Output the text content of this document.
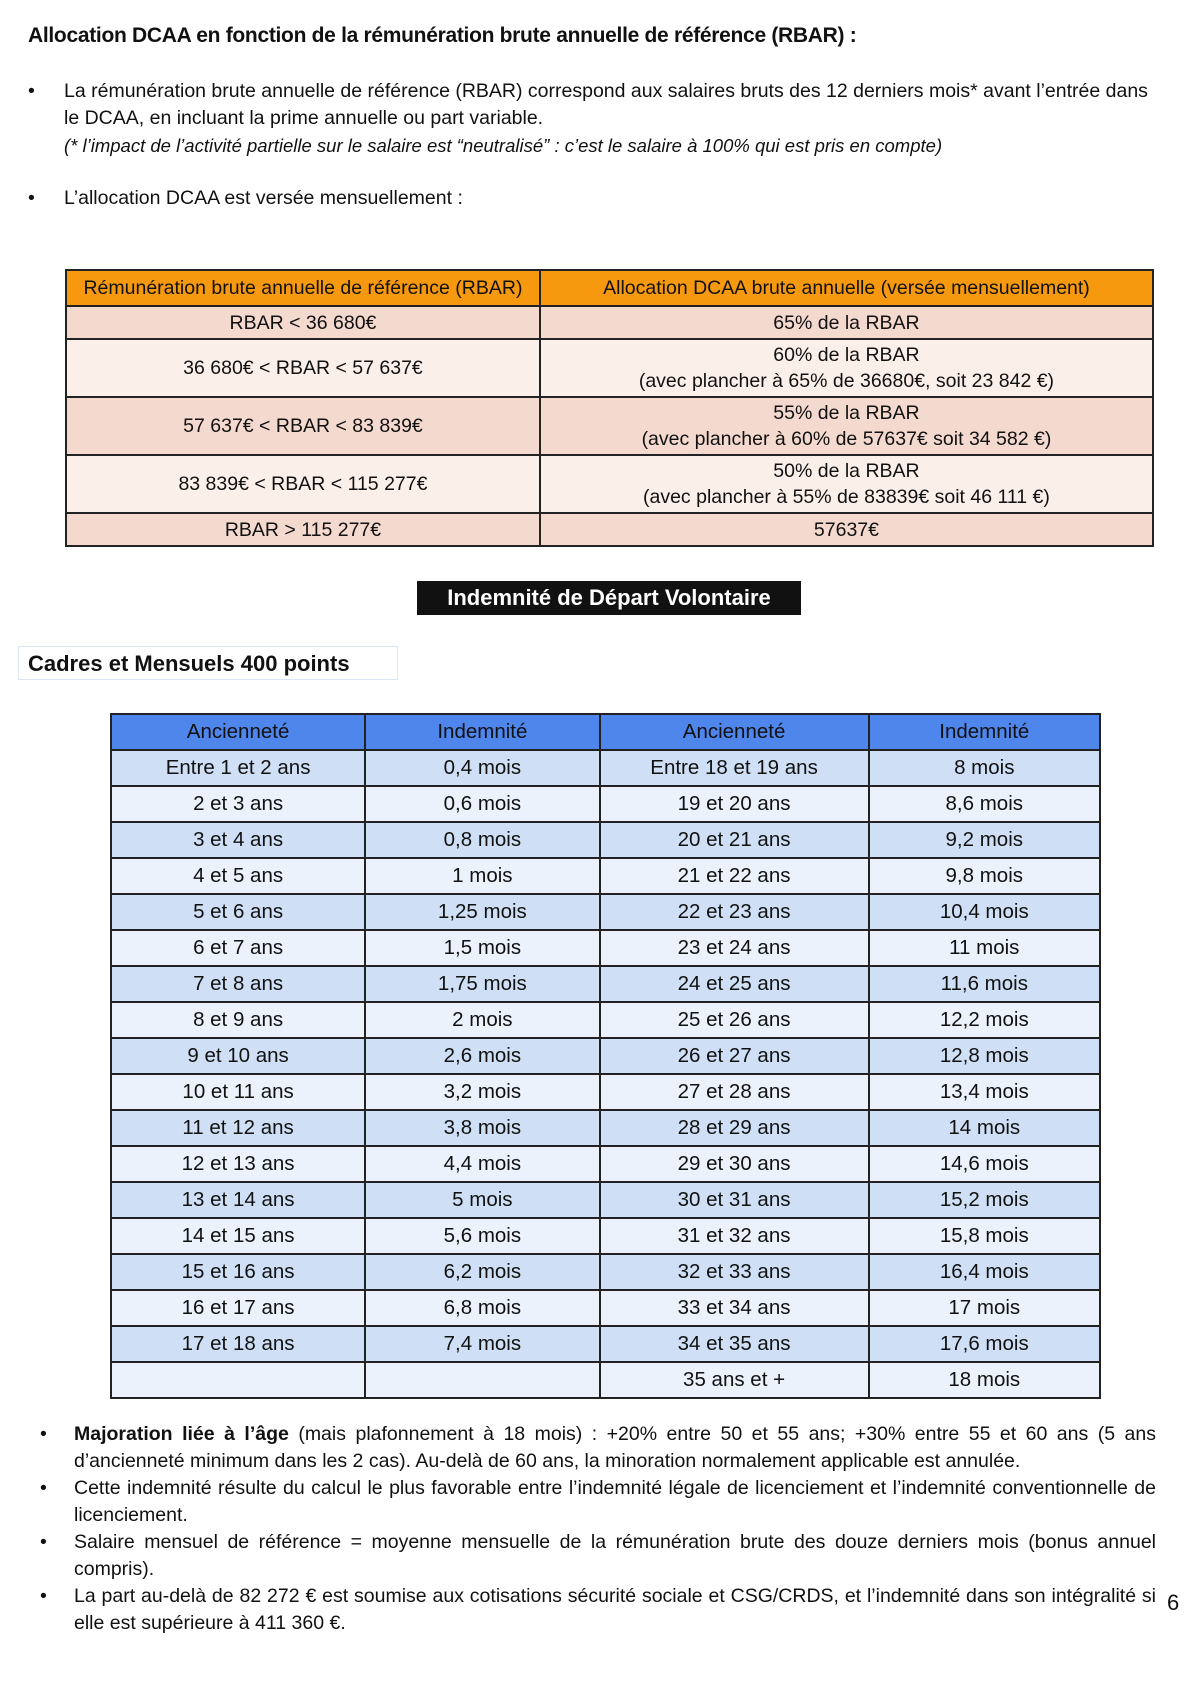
Allocation DCAA en fonction de la rémunération brute annuelle de référence (RBAR) :
• La rémunération brute annuelle de référence (RBAR) correspond aux salaires bruts des 12 derniers mois* avant l’entrée dans le DCAA, en incluant la prime annuelle ou part variable.
(* l’impact de l’activité partielle sur le salaire est “neutralisé” : c’est le salaire à 100% qui est pris en compte)
• L’allocation DCAA est versée mensuellement :
Rémunération brute annuelle de référence (RBAR)	Allocation DCAA brute annuelle (versée mensuellement)
RBAR < 36 680€	65% de la RBAR

36 680€ < RBAR < 57 637€	60% de la RBAR
(avec plancher à 65% de 36680€, soit 23 842 €)

57 637€ < RBAR < 83 839€	55% de la RBAR
(avec plancher à 60% de 57637€ soit 34 582 €)

83 839€ < RBAR < 115 277€	50% de la RBAR
(avec plancher à 55% de 83839€ soit 46 111 €)

RBAR > 115 277€	57637€
Indemnité de Départ Volontaire
Cadres et Mensuels 400 points
Ancienneté	Indemnité	Ancienneté	Indemnité
Entre 1 et 2 ans	0,4 mois	Entre 18 et 19 ans	8 mois
2 et 3 ans	0,6 mois	19 et 20 ans	8,6 mois
3 et 4 ans	0,8 mois	20 et 21 ans	9,2 mois
4 et 5 ans	1 mois	21 et 22 ans	9,8 mois
5 et 6 ans	1,25 mois	22 et 23 ans	10,4 mois
6 et 7 ans	1,5 mois	23 et 24 ans	11 mois
7 et 8 ans	1,75 mois	24 et 25 ans	11,6 mois
8 et 9 ans	2 mois	25 et 26 ans	12,2 mois
9 et 10 ans	2,6 mois	26 et 27 ans	12,8 mois
10 et 11 ans	3,2 mois	27 et 28 ans	13,4 mois
11 et 12 ans	3,8 mois	28 et 29 ans	14 mois
12 et 13 ans	4,4 mois	29 et 30 ans	14,6 mois
13 et 14 ans	5 mois	30 et 31 ans	15,2 mois
14 et 15 ans	5,6 mois	31 et 32 ans	15,8 mois
15 et 16 ans	6,2 mois	32 et 33 ans	16,4 mois
16 et 17 ans	6,8 mois	33 et 34 ans	17 mois
17 et 18 ans	7,4 mois	34 et 35 ans	17,6 mois
		35 ans et +	18 mois
• Majoration liée à l’âge (mais plafonnement à 18 mois) : +20% entre 50 et 55 ans; +30% entre 55 et 60 ans (5 ans d’ancienneté minimum dans les 2 cas). Au-delà de 60 ans, la minoration normalement applicable est annulée.
• Cette indemnité résulte du calcul le plus favorable entre l’indemnité légale de licenciement et l’indemnité conventionnelle de licenciement.
• Salaire mensuel de référence = moyenne mensuelle de la rémunération brute des douze derniers mois (bonus annuel compris).
• La part au-delà de 82 272 € est soumise aux cotisations sécurité sociale et CSG/CRDS, et l’indemnité dans son intégralité si elle est supérieure à 411 360 €.
6
